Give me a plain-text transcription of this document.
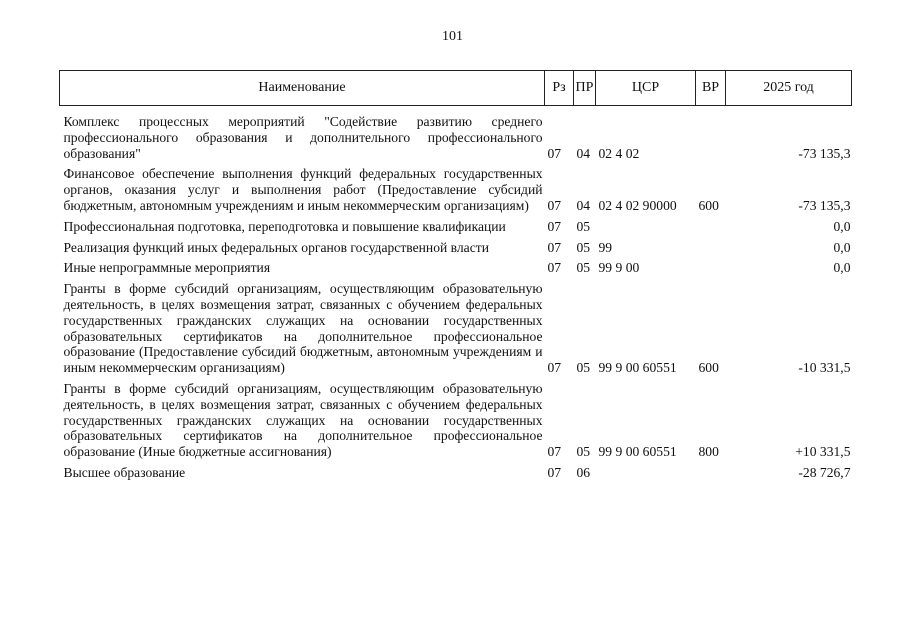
101
Наименование	Рз	ПР	ЦСР	ВР	2025 год
Комплекс процессных мероприятий "Содействие развитию среднего профессионального образования и дополнительного профессионального образования"	07	04	02 4 02		-73 135,3
Финансовое обеспечение выполнения функций федеральных государственных органов, оказания услуг и выполнения работ (Предоставление субсидий бюджетным, автономным учреждениям и иным некоммерческим организациям)	07	04	02 4 02 90000	600	-73 135,3
Профессиональная подготовка, переподготовка и повышение квалификации	07	05			0,0
Реализация функций иных федеральных органов государственной власти	07	05	99		0,0
Иные непрограммные мероприятия	07	05	99 9 00		0,0
Гранты в форме субсидий организациям, осуществляющим образовательную деятельность, в целях возмещения затрат, связанных с обучением федеральных государственных гражданских служащих на основании государственных образовательных сертификатов на дополнительное профессиональное образование (Предоставление субсидий бюджетным, автономным учреждениям и иным некоммерческим организациям)	07	05	99 9 00 60551	600	-10 331,5
Гранты в форме субсидий организациям, осуществляющим образовательную деятельность, в целях возмещения затрат, связанных с обучением федеральных государственных гражданских служащих на основании государственных образовательных сертификатов на дополнительное профессиональное образование (Иные бюджетные ассигнования)	07	05	99 9 00 60551	800	+10 331,5
Высшее образование	07	06			-28 726,7
